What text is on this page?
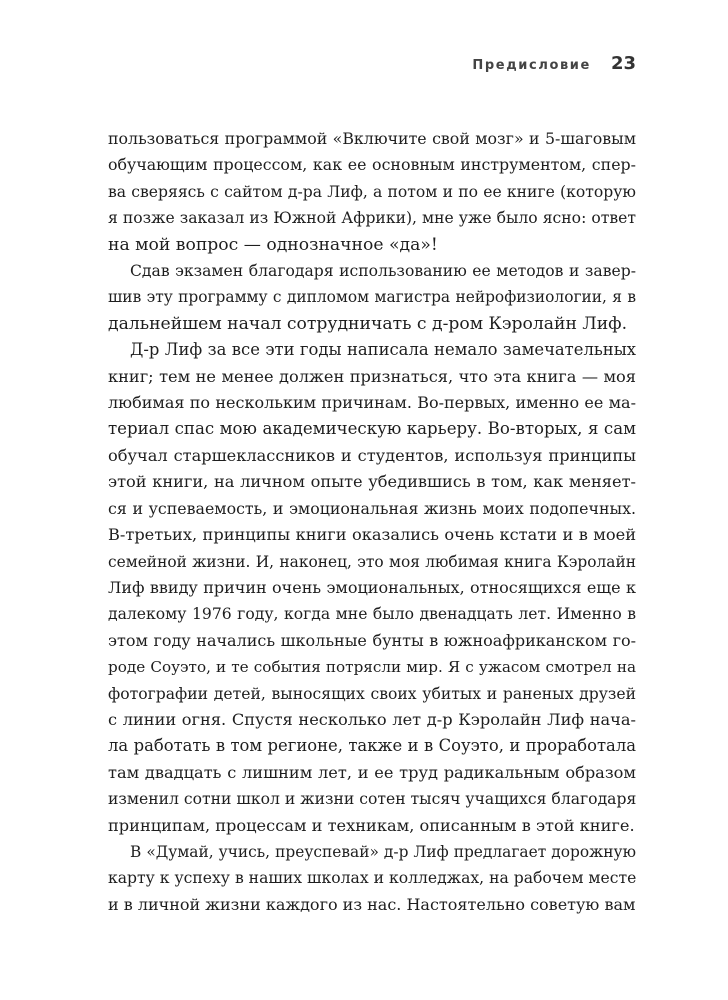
Предисловие 23
пользоваться программой «Включите свой мозг» и 5-шаговым
обучающим процессом, как ее основным инструментом, спер-
ва сверяясь с сайтом д-ра Лиф, а потом и по ее книге (которую
я позже заказал из Южной Африки), мне уже было ясно: ответ
на мой вопрос — однозначное «да»!
Сдав экзамен благодаря использованию ее методов и завер-
шив эту программу с дипломом магистра нейрофизиологии, я в
дальнейшем начал сотрудничать с д-ром Кэролайн Лиф.
Д-р Лиф за все эти годы написала немало замечательных
книг; тем не менее должен признаться, что эта книга — моя
любимая по нескольким причинам. Во-первых, именно ее ма-
териал спас мою академическую карьеру. Во-вторых, я сам
обучал старшеклассников и студентов, используя принципы
этой книги, на личном опыте убедившись в том, как меняет-
ся и успеваемость, и эмоциональная жизнь моих подопечных.
В-третьих, принципы книги оказались очень кстати и в моей
семейной жизни. И, наконец, это моя любимая книга Кэролайн
Лиф ввиду причин очень эмоциональных, относящихся еще к
далекому 1976 году, когда мне было двенадцать лет. Именно в
этом году начались школьные бунты в южноафриканском го-
роде Соуэто, и те события потрясли мир. Я с ужасом смотрел на
фотографии детей, выносящих своих убитых и раненых друзей
с линии огня. Спустя несколько лет д-р Кэролайн Лиф нача-
ла работать в том регионе, также и в Соуэто, и проработала
там двадцать с лишним лет, и ее труд радикальным образом
изменил сотни школ и жизни сотен тысяч учащихся благодаря
принципам, процессам и техникам, описанным в этой книге.
В «Думай, учись, преуспевай» д-р Лиф предлагает дорожную
карту к успеху в наших школах и колледжах, на рабочем месте
и в личной жизни каждого из нас. Настоятельно советую вам
